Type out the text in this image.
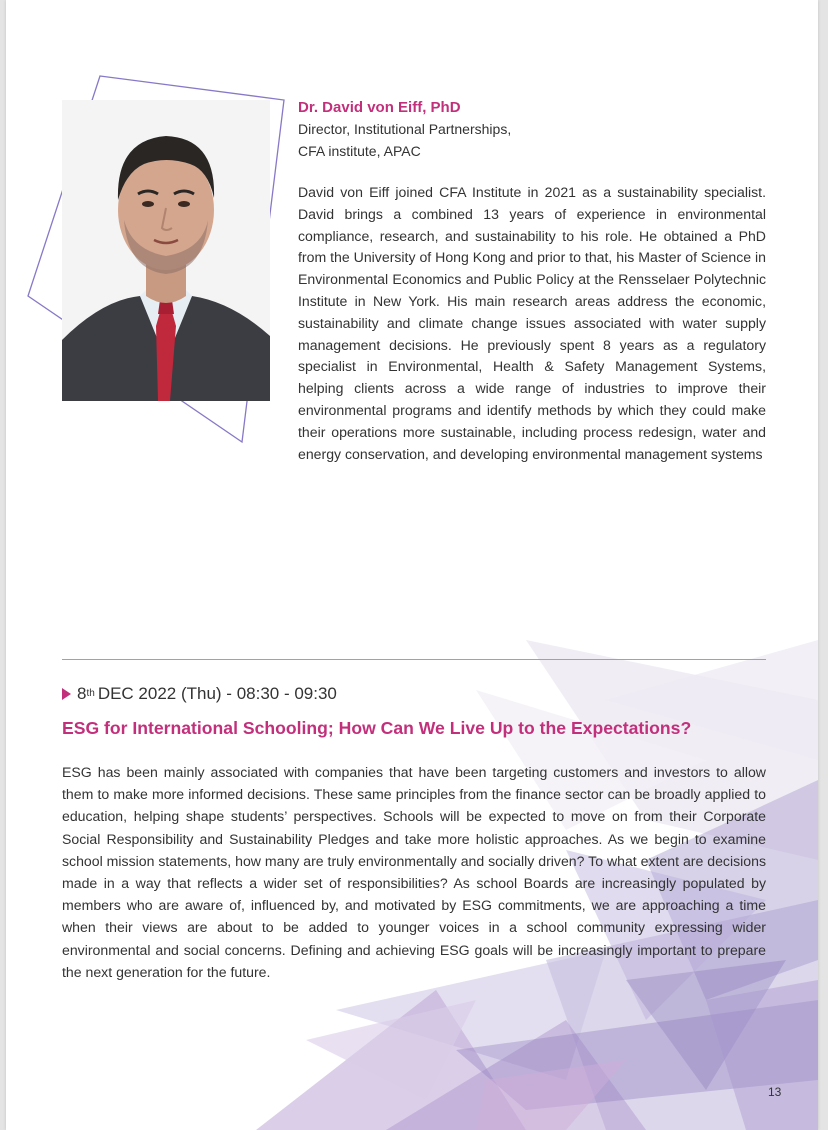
Dr. David von Eiff, PhD
Director, Institutional Partnerships,
CFA institute, APAC
David von Eiff joined CFA Institute in 2021 as a sustainability specialist. David brings a combined 13 years of experience in environmental compliance, research, and sustainability to his role. He obtained a PhD from the University of Hong Kong and prior to that, his Master of Science in Environmental Economics and Public Policy at the Rensselaer Polytechnic Institute in New York. His main research areas address the economic, sustainability and climate change issues associated with water supply management decisions. He previously spent 8 years as a regulatory specialist in Environmental, Health & Safety Management Systems, helping clients across a wide range of industries to improve their environmental programs and identify methods by which they could make their operations more sustainable, including process redesign, water and energy conservation, and developing environmental management systems
8 th DEC 2022 (Thu) - 08:30 - 09:30
ESG for International Schooling; How Can We Live Up to the Expectations?
ESG has been mainly associated with companies that have been targeting customers and investors to allow them to make more informed decisions. These same principles from the finance sector can be broadly applied to education, helping shape students’ perspectives. Schools will be expected to move on from their Corporate Social Responsibility and Sustainability Pledges and take more holistic approaches. As we begin to examine school mission statements, how many are truly environmentally and socially driven? To what extent are decisions made in a way that reflects a wider set of responsibilities? As school Boards are increasingly populated by members who are aware of, influenced by, and motivated by ESG commitments, we are approaching a time when their views are about to be added to younger voices in a school community expressing wider environmental and social concerns. Defining and achieving ESG goals will be increasingly important to prepare the next generation for the future.
13
